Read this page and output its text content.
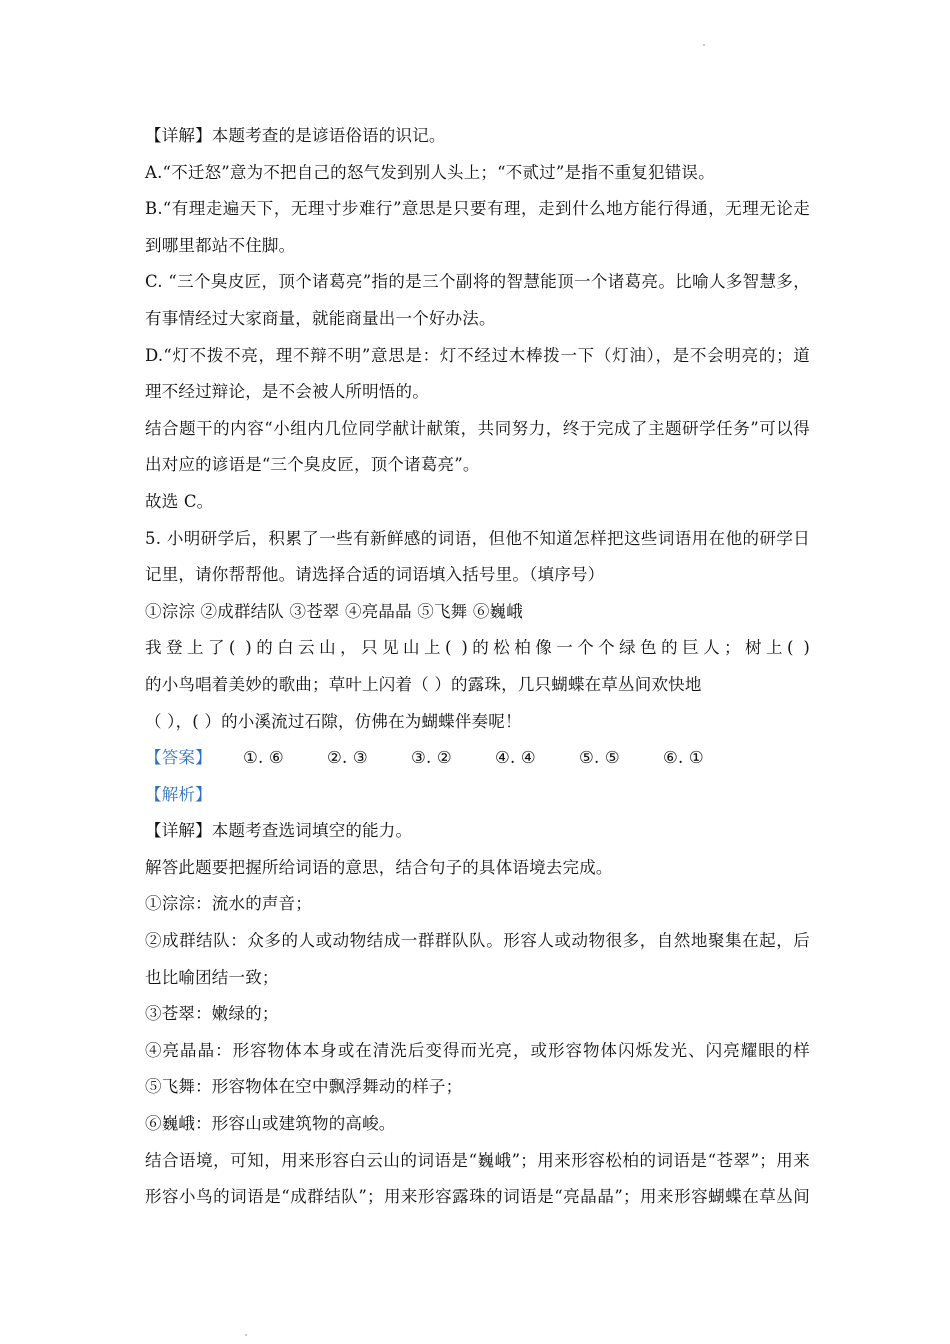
【详解】本题考查的是谚语俗语的识记。
A.“不迁怒”意为不把自己的怒气发到别人头上；“不贰过”是指不重复犯错误。
B.“有理走遍天下，无理寸步难行”意思是只要有理，走到什么地方能行得通，无理无论走
到哪里都站不住脚。
C. “三个臭皮匠，顶个诸葛亮”指的是三个副将的智慧能顶一个诸葛亮。比喻人多智慧多，
有事情经过大家商量，就能商量出一个好办法。
D.“灯不拨不亮，理不辩不明”意思是：灯不经过木棒拨一下（灯油），是不会明亮的；道
理不经过辩论，是不会被人所明悟的。
结合题干的内容“小组内几位同学献计献策，共同努力，终于完成了主题研学任务”可以得
出对应的谚语是“三个臭皮匠，顶个诸葛亮”。
故选 C。
5. 小明研学后，积累了一些有新鲜感的词语，但他不知道怎样把这些词语用在他的研学日
记里，请你帮帮他。请选择合适的词语填入括号里。（填序号）
①淙淙 ②成群结队 ③苍翠 ④亮晶晶 ⑤飞舞 ⑥巍峨
我登上了( )的白云山，只见山上( )的松柏像一个个绿色的巨人；树上( )
的小鸟唱着美妙的歌曲；草叶上闪着（ ）的露珠，几只蝴蝶在草丛间欢快地
（ ），( ）的小溪流过石隙，仿佛在为蝴蝶伴奏呢！
【答案】	①. ⑥	②. ③	③. ②	④. ④	⑤. ⑤	⑥. ①
【解析】
【详解】本题考查选词填空的能力。
解答此题要把握所给词语的意思，结合句子的具体语境去完成。
①淙淙：流水的声音；
②成群结队：众多的人或动物结成一群群队队。形容人或动物很多，自然地聚集在起，后
也比喻团结一致；
③苍翠：嫩绿的；
④亮晶晶：形容物体本身或在清洗后变得而光亮，或形容物体闪烁发光、闪亮耀眼的样
⑤飞舞：形容物体在空中飘浮舞动的样子；
⑥巍峨：形容山或建筑物的高峻。
结合语境，可知，用来形容白云山的词语是“巍峨”；用来形容松柏的词语是“苍翠”；用来
形容小鸟的词语是“成群结队”；用来形容露珠的词语是“亮晶晶”；用来形容蝴蝶在草丛间
